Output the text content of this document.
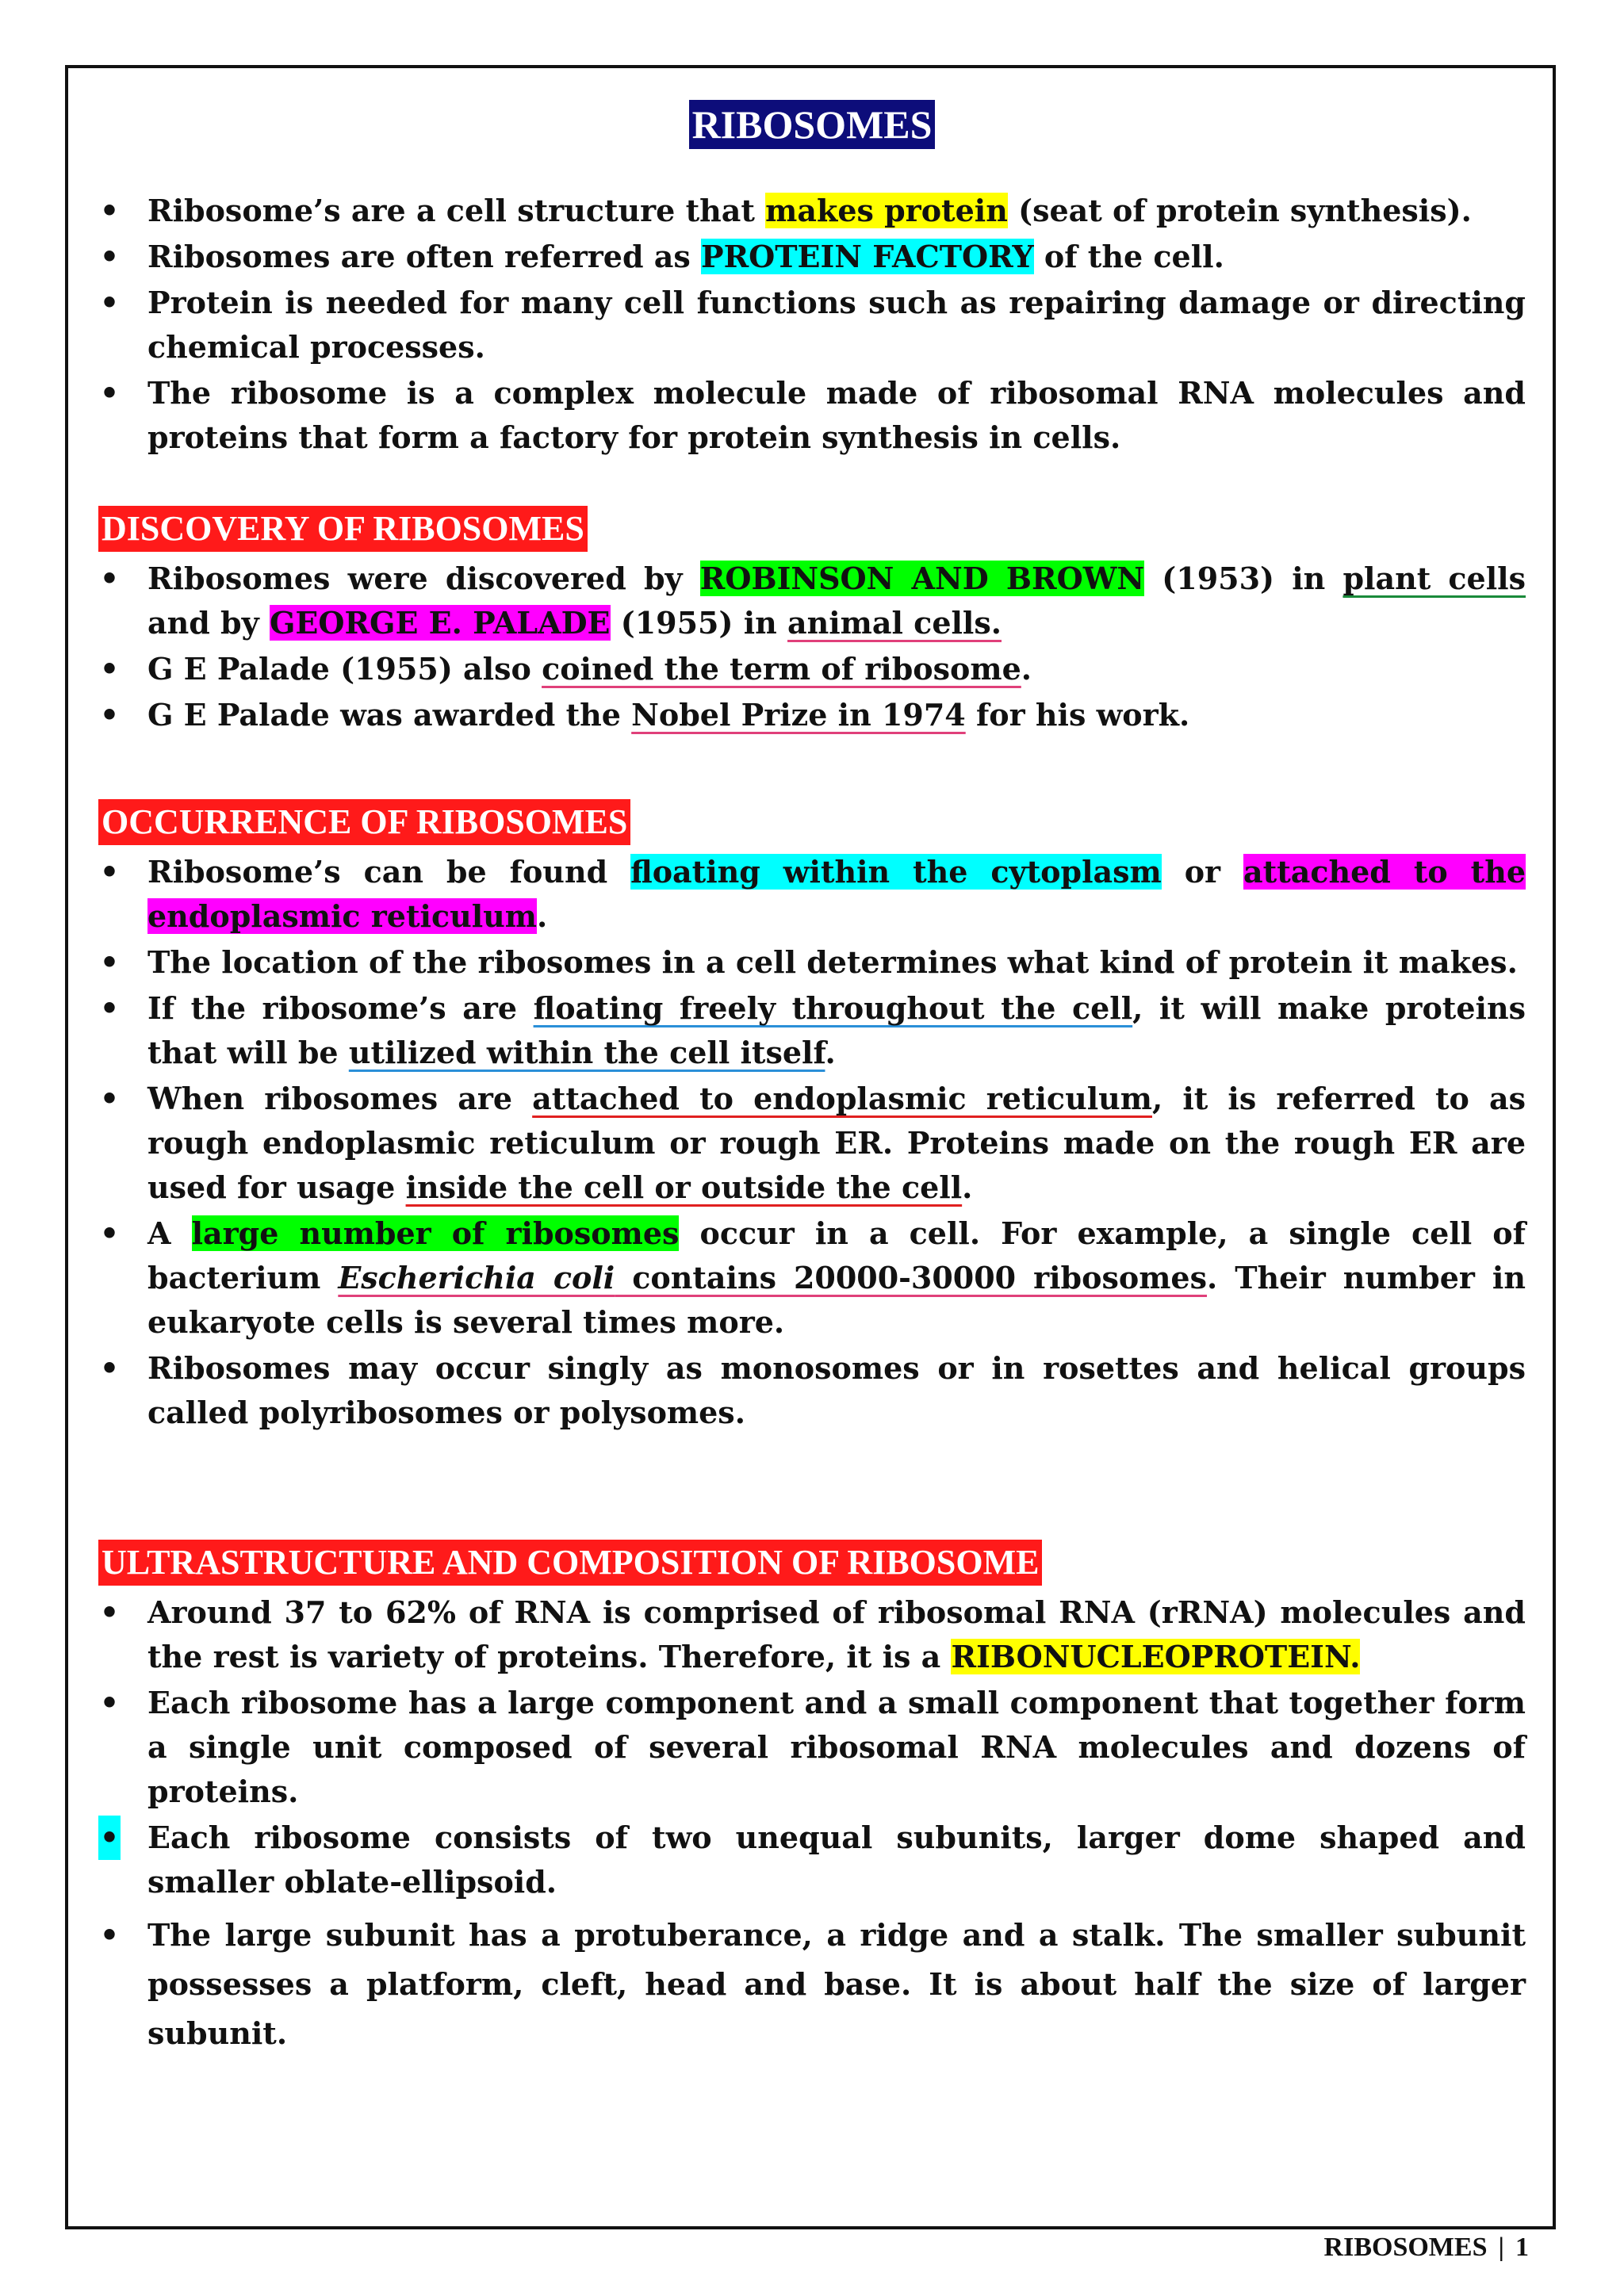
RIBOSOMES
• Ribosome’s are a cell structure that makes protein (seat of protein synthesis).
• Ribosomes are often referred as PROTEIN FACTORY of the cell.
• Protein is needed for many cell functions such as repairing damage or directing chemical processes.
• The ribosome is a complex molecule made of ribosomal RNA molecules and proteins that form a factory for protein synthesis in cells.
DISCOVERY OF RIBOSOMES
• Ribosomes were discovered by ROBINSON AND BROWN (1953) in plant cells and by GEORGE E. PALADE (1955) in animal cells.
• G E Palade (1955) also coined the term of ribosome.
• G E Palade was awarded the Nobel Prize in 1974 for his work.
OCCURRENCE OF RIBOSOMES
• Ribosome’s can be found floating within the cytoplasm or attached to the endoplasmic reticulum.
• The location of the ribosomes in a cell determines what kind of protein it makes.
• If the ribosome’s are floating freely throughout the cell, it will make proteins that will be utilized within the cell itself.
• When ribosomes are attached to endoplasmic reticulum, it is referred to as rough endoplasmic reticulum or rough ER. Proteins made on the rough ER are used for usage inside the cell or outside the cell.
• A large number of ribosomes occur in a cell. For example, a single cell of bacterium Escherichia coli contains 20000-30000 ribosomes. Their number in eukaryote cells is several times more.
• Ribosomes may occur singly as monosomes or in rosettes and helical groups called polyribosomes or polysomes.
ULTRASTRUCTURE AND COMPOSITION OF RIBOSOME
• Around 37 to 62% of RNA is comprised of ribosomal RNA (rRNA) molecules and the rest is variety of proteins. Therefore, it is a RIBONUCLEOPROTEIN.
• Each ribosome has a large component and a small component that together form a single unit composed of several ribosomal RNA molecules and dozens of proteins.
• Each ribosome consists of two unequal subunits, larger dome shaped and smaller oblate-ellipsoid.
• The large subunit has a protuberance, a ridge and a stalk. The smaller subunit possesses a platform, cleft, head and base. It is about half the size of larger subunit.
RIBOSOMES | 1
